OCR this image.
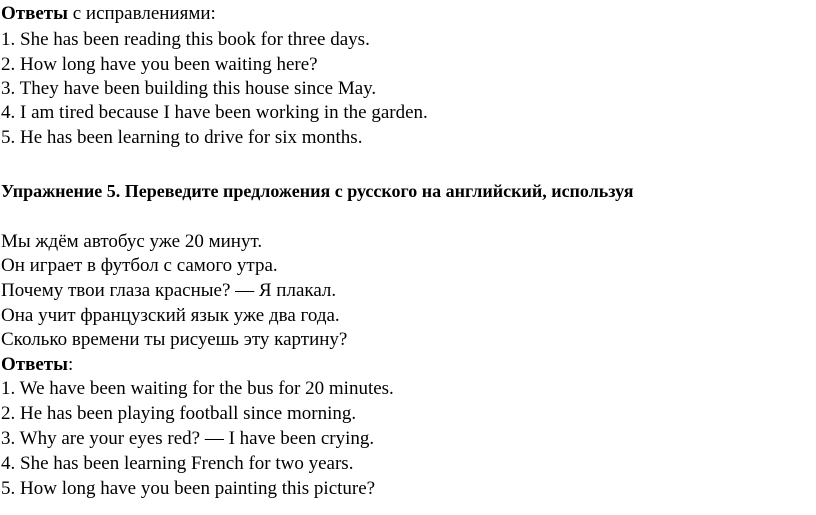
Ответы с исправлениями:
1. She has been reading this book for three days.
2. How long have you been waiting here?
3. They have been building this house since May.
4. I am tired because I have been working in the garden.
5. He has been learning to drive for six months.
Упражнение 5. Переведите предложения с русского на английский, используя
Мы ждём автобус уже 20 минут.
Он играет в футбол с самого утра.
Почему твои глаза красные? — Я плакал.
Она учит французский язык уже два года.
Сколько времени ты рисуешь эту картину?
Ответы:
1. We have been waiting for the bus for 20 minutes.
2. He has been playing football since morning.
3. Why are your eyes red? — I have been crying.
4. She has been learning French for two years.
5. How long have you been painting this picture?
